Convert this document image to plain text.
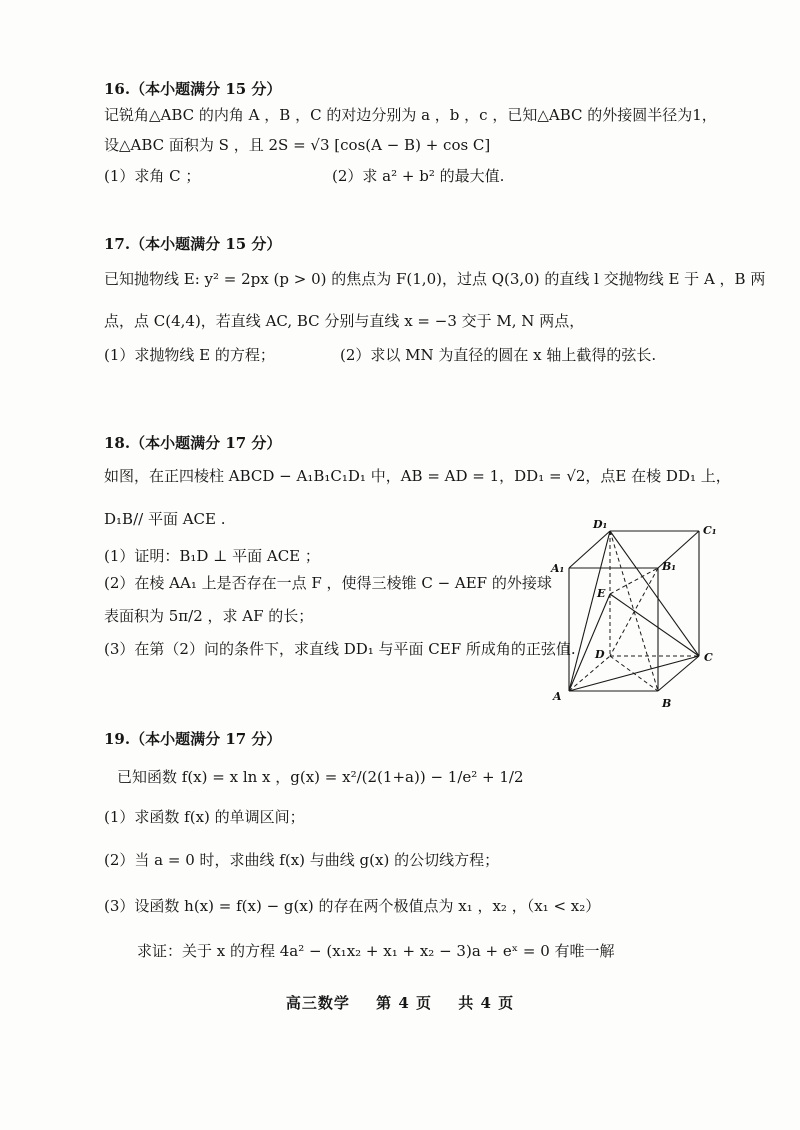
16.（本小题满分 15 分）
记锐角△ABC 的内角 A ，B ，C 的对边分别为 a ，b ，c ，已知△ABC 的外接圆半径为1，
设△ABC 面积为 S ，且 2S = √3 [cos(A − B) + cos C]
(1）求角 C ；	(2）求 a² + b² 的最大值.
17.（本小题满分 15 分）
已知抛物线 E: y² = 2px (p > 0) 的焦点为 F(1,0)，过点 Q(3,0) 的直线 l 交抛物线 E 于 A ，B 两
点，点 C(4,4)，若直线 AC, BC 分别与直线 x = −3 交于 M, N 两点，
(1）求抛物线 E 的方程；	(2）求以 MN 为直径的圆在 x 轴上截得的弦长.
18.（本小题满分 17 分）
如图，在正四棱柱 ABCD − A₁B₁C₁D₁ 中，AB = AD = 1，DD₁ = √2，点E 在棱 DD₁ 上，
D₁B// 平面 ACE .
(1）证明：B₁D ⊥ 平面 ACE ；
(2）在棱 AA₁ 上是否存在一点 F ，使得三棱锥 C − AEF 的外接球
表面积为 5π/2 ，求 AF 的长；
(3）在第（2）问的条件下，求直线 DD₁ 与平面 CEF 所成角的正弦值.
D₁	C₁
A₁	B₁
E
D	C
A
B
19.（本小题满分 17 分）
已知函数 f(x) = x ln x ，g(x) = x²/(2(1+a)) − 1/e² + 1/2
(1）求函数 f(x) 的单调区间；
(2）当 a = 0 时，求曲线 f(x) 与曲线 g(x) 的公切线方程；
(3）设函数 h(x) = f(x) − g(x) 的存在两个极值点为 x₁ ，x₂ ，（x₁ < x₂）
求证：关于 x 的方程 4a² − (x₁x₂ + x₁ + x₂ − 3)a + eˣ = 0 有唯一解
高三数学 第 4 页 共 4 页
